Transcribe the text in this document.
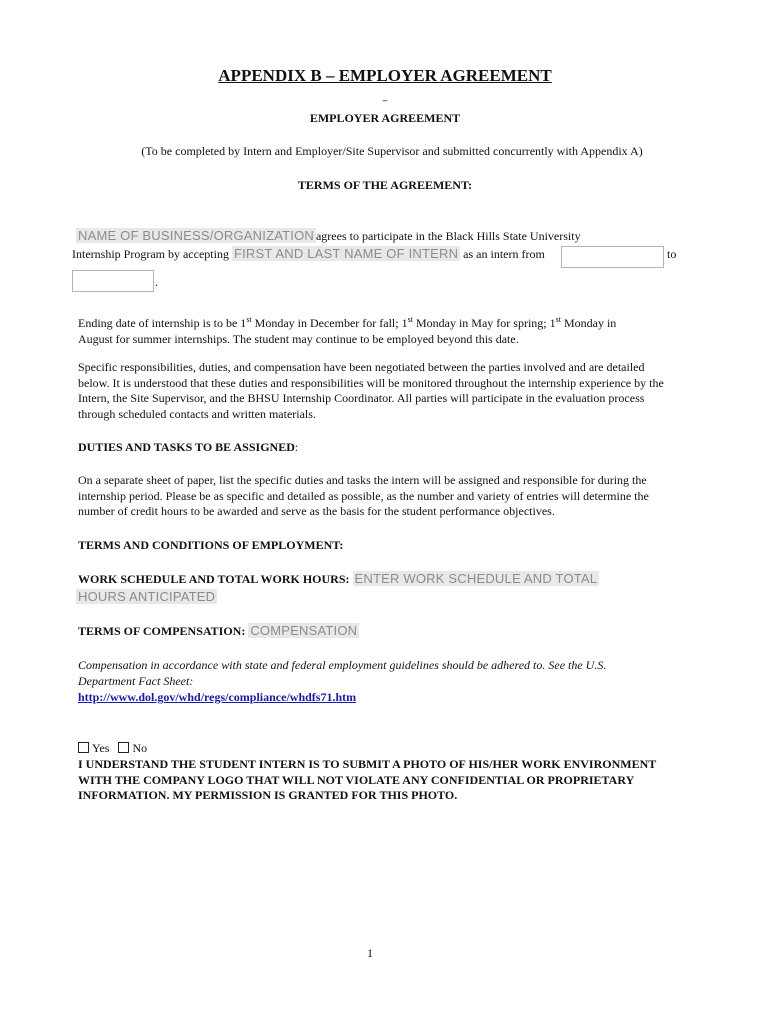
APPENDIX B – EMPLOYER AGREEMENT
–
EMPLOYER AGREEMENT
(To be completed by Intern and Employer/Site Supervisor and submitted concurrently with Appendix A)
TERMS OF THE AGREEMENT:
NAME OF BUSINESS/ORGANIZATION agrees to participate in the Black Hills State University
Internship Program by accepting FIRST AND LAST NAME OF INTERN as an intern from	to
.
Ending date of internship is to be 1st Monday in December for fall; 1st Monday in May for spring; 1st Monday in
August for summer internships. The student may continue to be employed beyond this date.
Specific responsibilities, duties, and compensation have been negotiated between the parties involved and are detailed below. It is understood that these duties and responsibilities will be monitored throughout the internship experience by the Intern, the Site Supervisor, and the BHSU Internship Coordinator. All parties will participate in the evaluation process through scheduled contacts and written materials.
DUTIES AND TASKS TO BE ASSIGNED:
On a separate sheet of paper, list the specific duties and tasks the intern will be assigned and responsible for during the internship period. Please be as specific and detailed as possible, as the number and variety of entries will determine the number of credit hours to be awarded and serve as the basis for the student performance objectives.
TERMS AND CONDITIONS OF EMPLOYMENT:
WORK SCHEDULE AND TOTAL WORK HOURS: ENTER WORK SCHEDULE AND TOTAL
HOURS ANTICIPATED
TERMS OF COMPENSATION: COMPENSATION
Compensation in accordance with state and federal employment guidelines should be adhered to. See the U.S.
Department Fact Sheet:
http://www.dol.gov/whd/regs/compliance/whdfs71.htm
Yes No
I UNDERSTAND THE STUDENT INTERN IS TO SUBMIT A PHOTO OF HIS/HER WORK ENVIRONMENT WITH THE COMPANY LOGO THAT WILL NOT VIOLATE ANY CONFIDENTIAL OR PROPRIETARY INFORMATION. MY PERMISSION IS GRANTED FOR THIS PHOTO.
1
